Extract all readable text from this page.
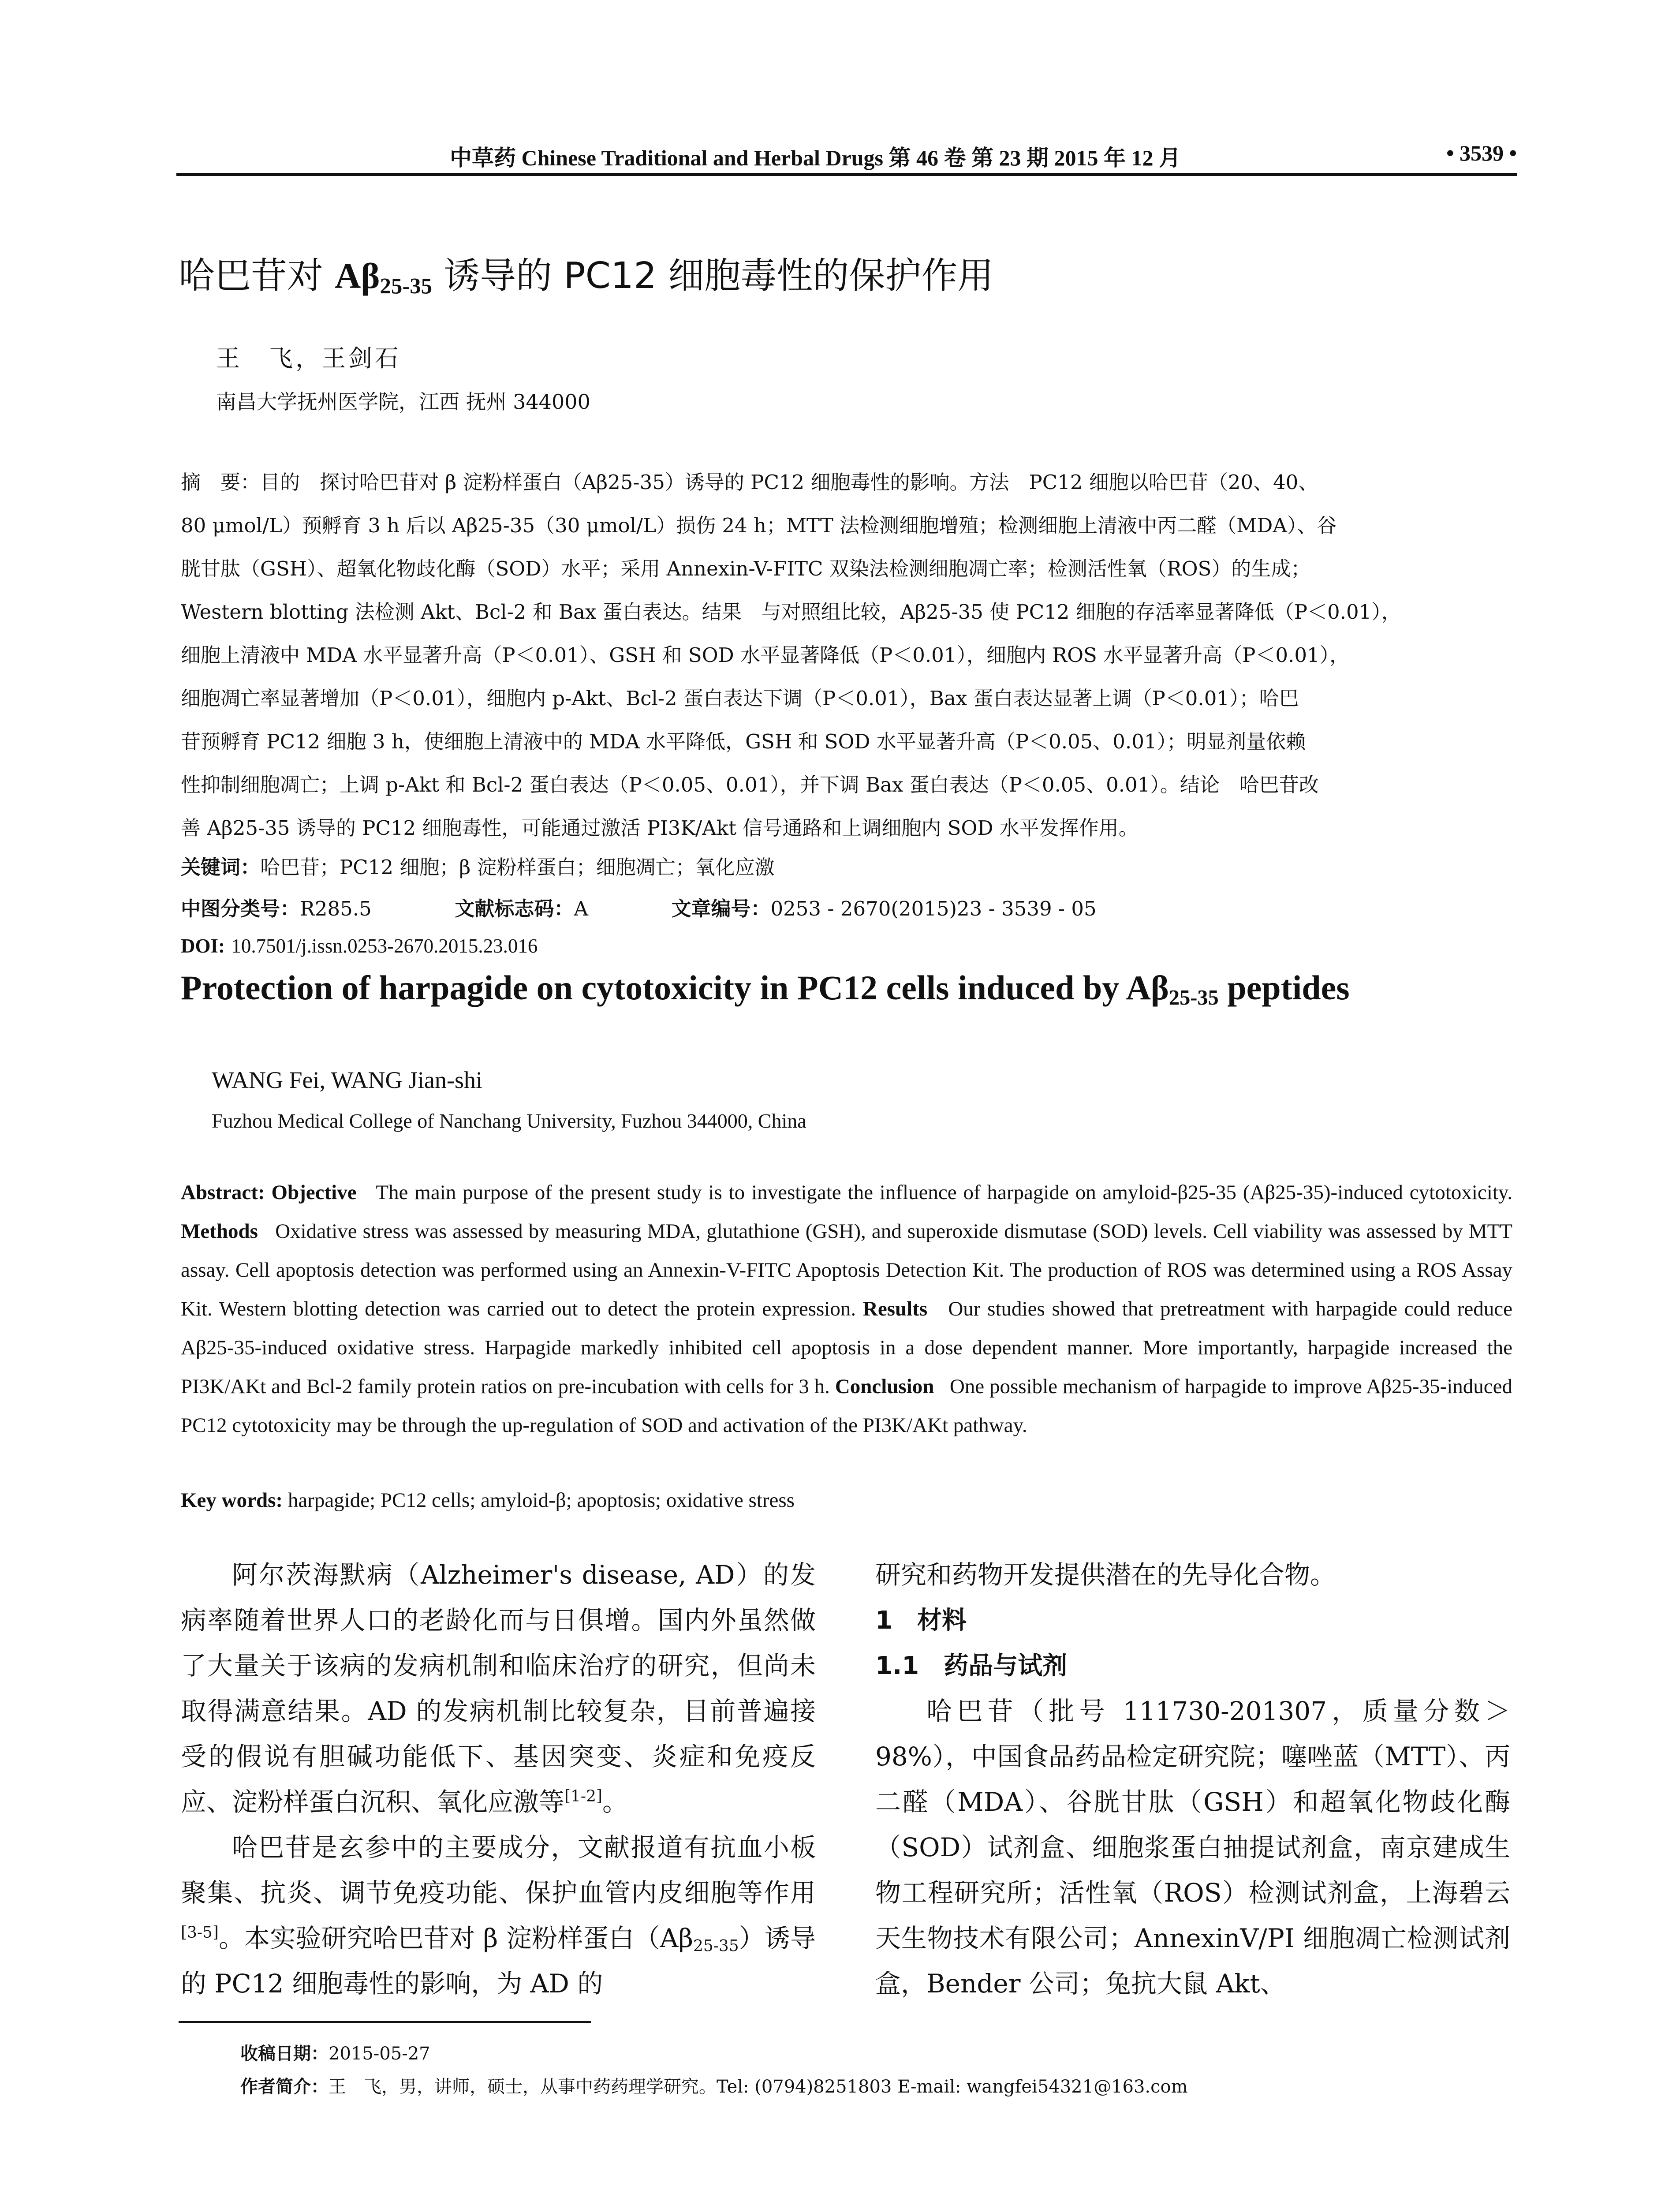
中草药 Chinese Traditional and Herbal Drugs 第 46 卷 第 23 期 2015 年 12 月	• 3539 •
哈巴苷对 $A\beta_{25-35}$ 诱导的 PC12 细胞毒性的保护作用
王　飞，王剑石
南昌大学抚州医学院，江西 抚州 344000
摘　要：目的　探讨哈巴苷对 β 淀粉样蛋白（Aβ25-35）诱导的 PC12 细胞毒性的影响。方法　PC12 细胞以哈巴苷（20、40、
80 μmol/L）预孵育 3 h 后以 Aβ25-35（30 μmol/L）损伤 24 h；MTT 法检测细胞增殖；检测细胞上清液中丙二醛（MDA）、谷
胱甘肽（GSH）、超氧化物歧化酶（SOD）水平；采用 Annexin-V-FITC 双染法检测细胞凋亡率；检测活性氧（ROS）的生成；
Western blotting 法检测 Akt、Bcl-2 和 Bax 蛋白表达。结果　与对照组比较，Aβ25-35 使 PC12 细胞的存活率显著降低（P＜0.01），
细胞上清液中 MDA 水平显著升高（P＜0.01）、GSH 和 SOD 水平显著降低（P＜0.01），细胞内 ROS 水平显著升高（P＜0.01），
细胞凋亡率显著增加（P＜0.01），细胞内 p-Akt、Bcl-2 蛋白表达下调（P＜0.01），Bax 蛋白表达显著上调（P＜0.01）；哈巴
苷预孵育 PC12 细胞 3 h，使细胞上清液中的 MDA 水平降低，GSH 和 SOD 水平显著升高（P＜0.05、0.01）；明显剂量依赖
性抑制细胞凋亡；上调 p-Akt 和 Bcl-2 蛋白表达（P＜0.05、0.01），并下调 Bax 蛋白表达（P＜0.05、0.01）。结论　哈巴苷改
善 Aβ25-35 诱导的 PC12 细胞毒性，可能通过激活 PI3K/Akt 信号通路和上调细胞内 SOD 水平发挥作用。
关键词：哈巴苷；PC12 细胞；β 淀粉样蛋白；细胞凋亡；氧化应激
中图分类号：R285.5	文献标志码：A	文章编号：0253 - 2670(2015)23 - 3539 - 05
DOI: 10.7501/j.issn.0253-2670.2015.23.016
Protection of harpagide on cytotoxicity in PC12 cells induced by $A\beta_{25-35}$ peptides
WANG Fei, WANG Jian-shi
Fuzhou Medical College of Nanchang University, Fuzhou 344000, China
Abstract: Objective The main purpose of the present study is to investigate the influence of harpagide on amyloid-β25-35 (Aβ25-35)-induced cytotoxicity. Methods Oxidative stress was assessed by measuring MDA, glutathione (GSH), and superoxide dismutase (SOD) levels. Cell viability was assessed by MTT assay. Cell apoptosis detection was performed using an Annexin-V-FITC Apoptosis Detection Kit. The production of ROS was determined using a ROS Assay Kit. Western blotting detection was carried out to detect the protein expression. Results Our studies showed that pretreatment with harpagide could reduce Aβ25-35-induced oxidative stress. Harpagide markedly inhibited cell apoptosis in a dose dependent manner. More importantly, harpagide increased the PI3K/AKt and Bcl-2 family protein ratios on pre-incubation with cells for 3 h. Conclusion One possible mechanism of harpagide to improve Aβ25-35-induced PC12 cytotoxicity may be through the up-regulation of SOD and activation of the PI3K/AKt pathway.
Key words: harpagide; PC12 cells; amyloid-β; apoptosis; oxidative stress

阿尔茨海默病（Alzheimer's disease, AD）的发病率随着世界人口的老龄化而与日俱增。国内外虽然做了大量关于该病的发病机制和临床治疗的研究，但尚未取得满意结果。AD 的发病机制比较复杂，目前普遍接受的假说有胆碱功能低下、基因突变、炎症和免疫反应、淀粉样蛋白沉积、氧化应激等[1-2]。

哈巴苷是玄参中的主要成分，文献报道有抗血小板聚集、抗炎、调节免疫功能、保护血管内皮细胞等作用[3-5]。本实验研究哈巴苷对 β 淀粉样蛋白$(A\beta_{25-35})$诱导的 PC12 细胞毒性的影响，为 AD 的

研究和药物开发提供潜在的先导化合物。

1　材料

1.1　药品与试剂

哈巴苷（批号 111730-201307，质量分数＞98%），中国食品药品检定研究院；噻唑蓝（MTT）、丙二醛（MDA）、谷胱甘肽（GSH）和超氧化物歧化酶（SOD）试剂盒、细胞浆蛋白抽提试剂盒，南京建成生物工程研究所；活性氧（ROS）检测试剂盒，上海碧云天生物技术有限公司；AnnexinV/PI 细胞凋亡检测试剂盒，Bender 公司；兔抗大鼠 Akt、

收稿日期：2015-05-27
作者简介：王　飞，男，讲师，硕士，从事中药药理学研究。Tel: (0794)8251803 E-mail: wangfei54321@163.com
